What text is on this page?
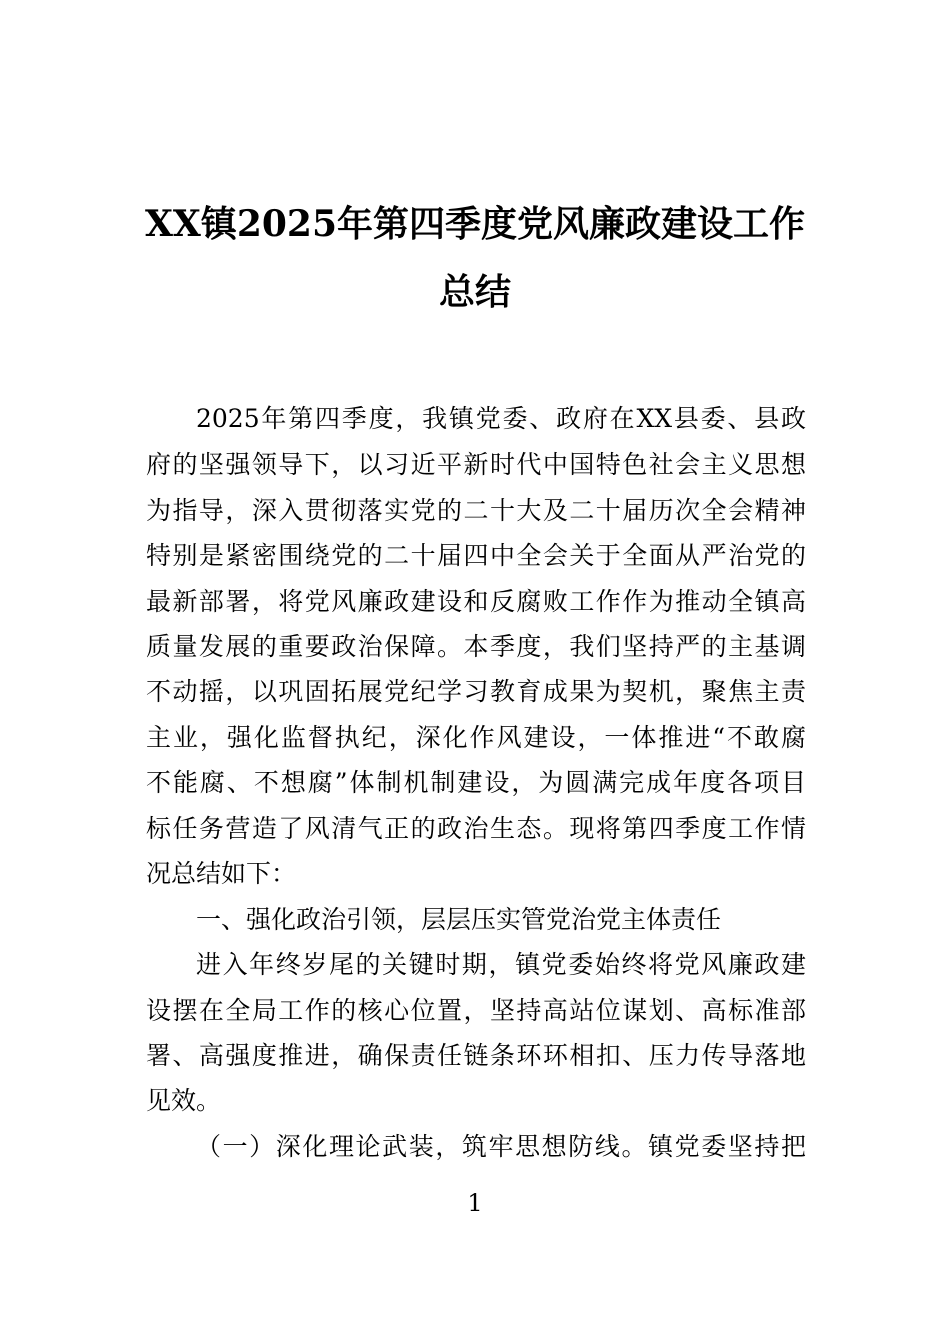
XX镇2025年第四季度党风廉政建设工作
总结
2025年第四季度，我镇党委、政府在XX县委、县政
府的坚强领导下，以习近平新时代中国特色社会主义思想
为指导，深入贯彻落实党的二十大及二十届历次全会精神
特别是紧密围绕党的二十届四中全会关于全面从严治党的
最新部署，将党风廉政建设和反腐败工作作为推动全镇高
质量发展的重要政治保障。本季度，我们坚持严的主基调
不动摇，以巩固拓展党纪学习教育成果为契机，聚焦主责
主业，强化监督执纪，深化作风建设，一体推进“不敢腐
不能腐、不想腐”体制机制建设，为圆满完成年度各项目
标任务营造了风清气正的政治生态。现将第四季度工作情
况总结如下：
一、强化政治引领，层层压实管党治党主体责任
进入年终岁尾的关键时期，镇党委始终将党风廉政建
设摆在全局工作的核心位置，坚持高站位谋划、高标准部
署、高强度推进，确保责任链条环环相扣、压力传导落地
见效。
（一）深化理论武装，筑牢思想防线。镇党委坚持把
1
